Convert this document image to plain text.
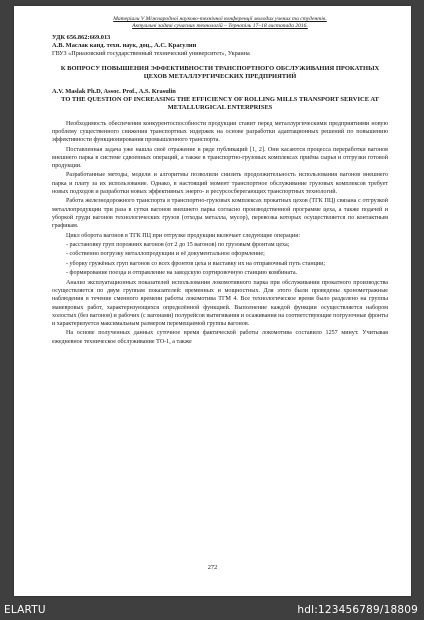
Матеріали V Міжнародної науково-технічної конференції молодих учених та студентів.
Актуальні задачі сучасних технологій – Тернопіль 17–18 листопада 2016.
УДК 656.862:669.013
А.В. Маслак канд. техн. наук, доц., А.С. Красулин
ГВУЗ «Приазовский государственный технический университет», Украина
К ВОПРОСУ ПОВЫШЕНИЯ ЭФФЕКТИВНОСТИ ТРАНСПОРТНОГО ОБСЛУЖИВАНИЯ ПРОКАТНЫХ ЦЕХОВ МЕТАЛЛУРГИЧЕСКИХ ПРЕДПРИЯТИЙ
A.V. Maslak Ph.D, Assoc. Prof., A.S. Krasulin
TO THE QUESTION OF INCREASING THE EFFICIENCY OF ROLLING MILLS TRANSPORT SERVICE AT METALLURGICAL ENTERPRISES

Необходимость обеспечения конкурентоспособности продукции ставит перед металлургическими предприятиями новую проблему существенного снижения транспортных издержек на основе разработки адаптационных решений по повышению эффективности функционирования промышленного транспорта.

Поставленная задача уже нашла своё отражение в ряде публикаций [1, 2]. Они касаются процесса переработки вагонов внешнего парка в системе сдвоенных операций, а также в транспортно-грузовых комплексах приёма сырья и отгрузки готовой продукции.

Разработанные методы, модели и алгоритмы позволили снизить продолжительность использования вагонов внешнего парка и плату за их использование. Однако, в настоящий момент транспортное обслуживание грузовых комплексов требует новых подходов и разработки новых эффективных энерго- и ресурсосберегающих транспортных технологий.

Работа железнодорожного транспорта в транспортно-грузовых комплексах прокатных цехов (ТГК ПЦ) связана с отгрузкой металлопродукции три раза в сутки вагонов внешнего парка согласно производственной программе цеха, а также подачей и уборкой груди вагонов технологических грузов (отходы металла, мусор), перевозка которых осуществляется по контактным графикам.

Цикл оборота вагонов в ТГК ПЦ при отгрузке продукции включает следующие операции:

- расстановку груп порожних вагонов (от 2 до 15 вагонов) по грузовым фронтам цеха;

- собственно погрузку металлопродукции и её документальное оформление;

- уборку гружёных груп вагонов со всех фронтов цеха и выставку их на отправочный путь станции;

- формирование поезда и отправление на заводскую сортировочную станцию комбината.

Анализ эксплуатационных показателей использования локомотивного парка при обслуживании прокатного производства осуществляется по двум группам показателей: временных и мощностных. Для этого были проведены хронометражные наблюдения в течение сменного времени работы локомотива ТГМ 4. Все технологическое время было разделено на группы маневровых работ, характеризующихся определённой функцией. Выполнение каждой функции осуществляется набором холостых (без вагонов) и рабочих (с вагонами) полурейсов вытягивания и осаживания на соответствующие погрузочные фронты и характеризуется максимальным размером перемещаемой группы вагонов.

На основе полученных данных суточное время фактической работы локомотива составило 1257 минут. Учитывая ежедневное техническое обслуживание ТО-1, а также

272
ELARTU	hdl:123456789/18809
